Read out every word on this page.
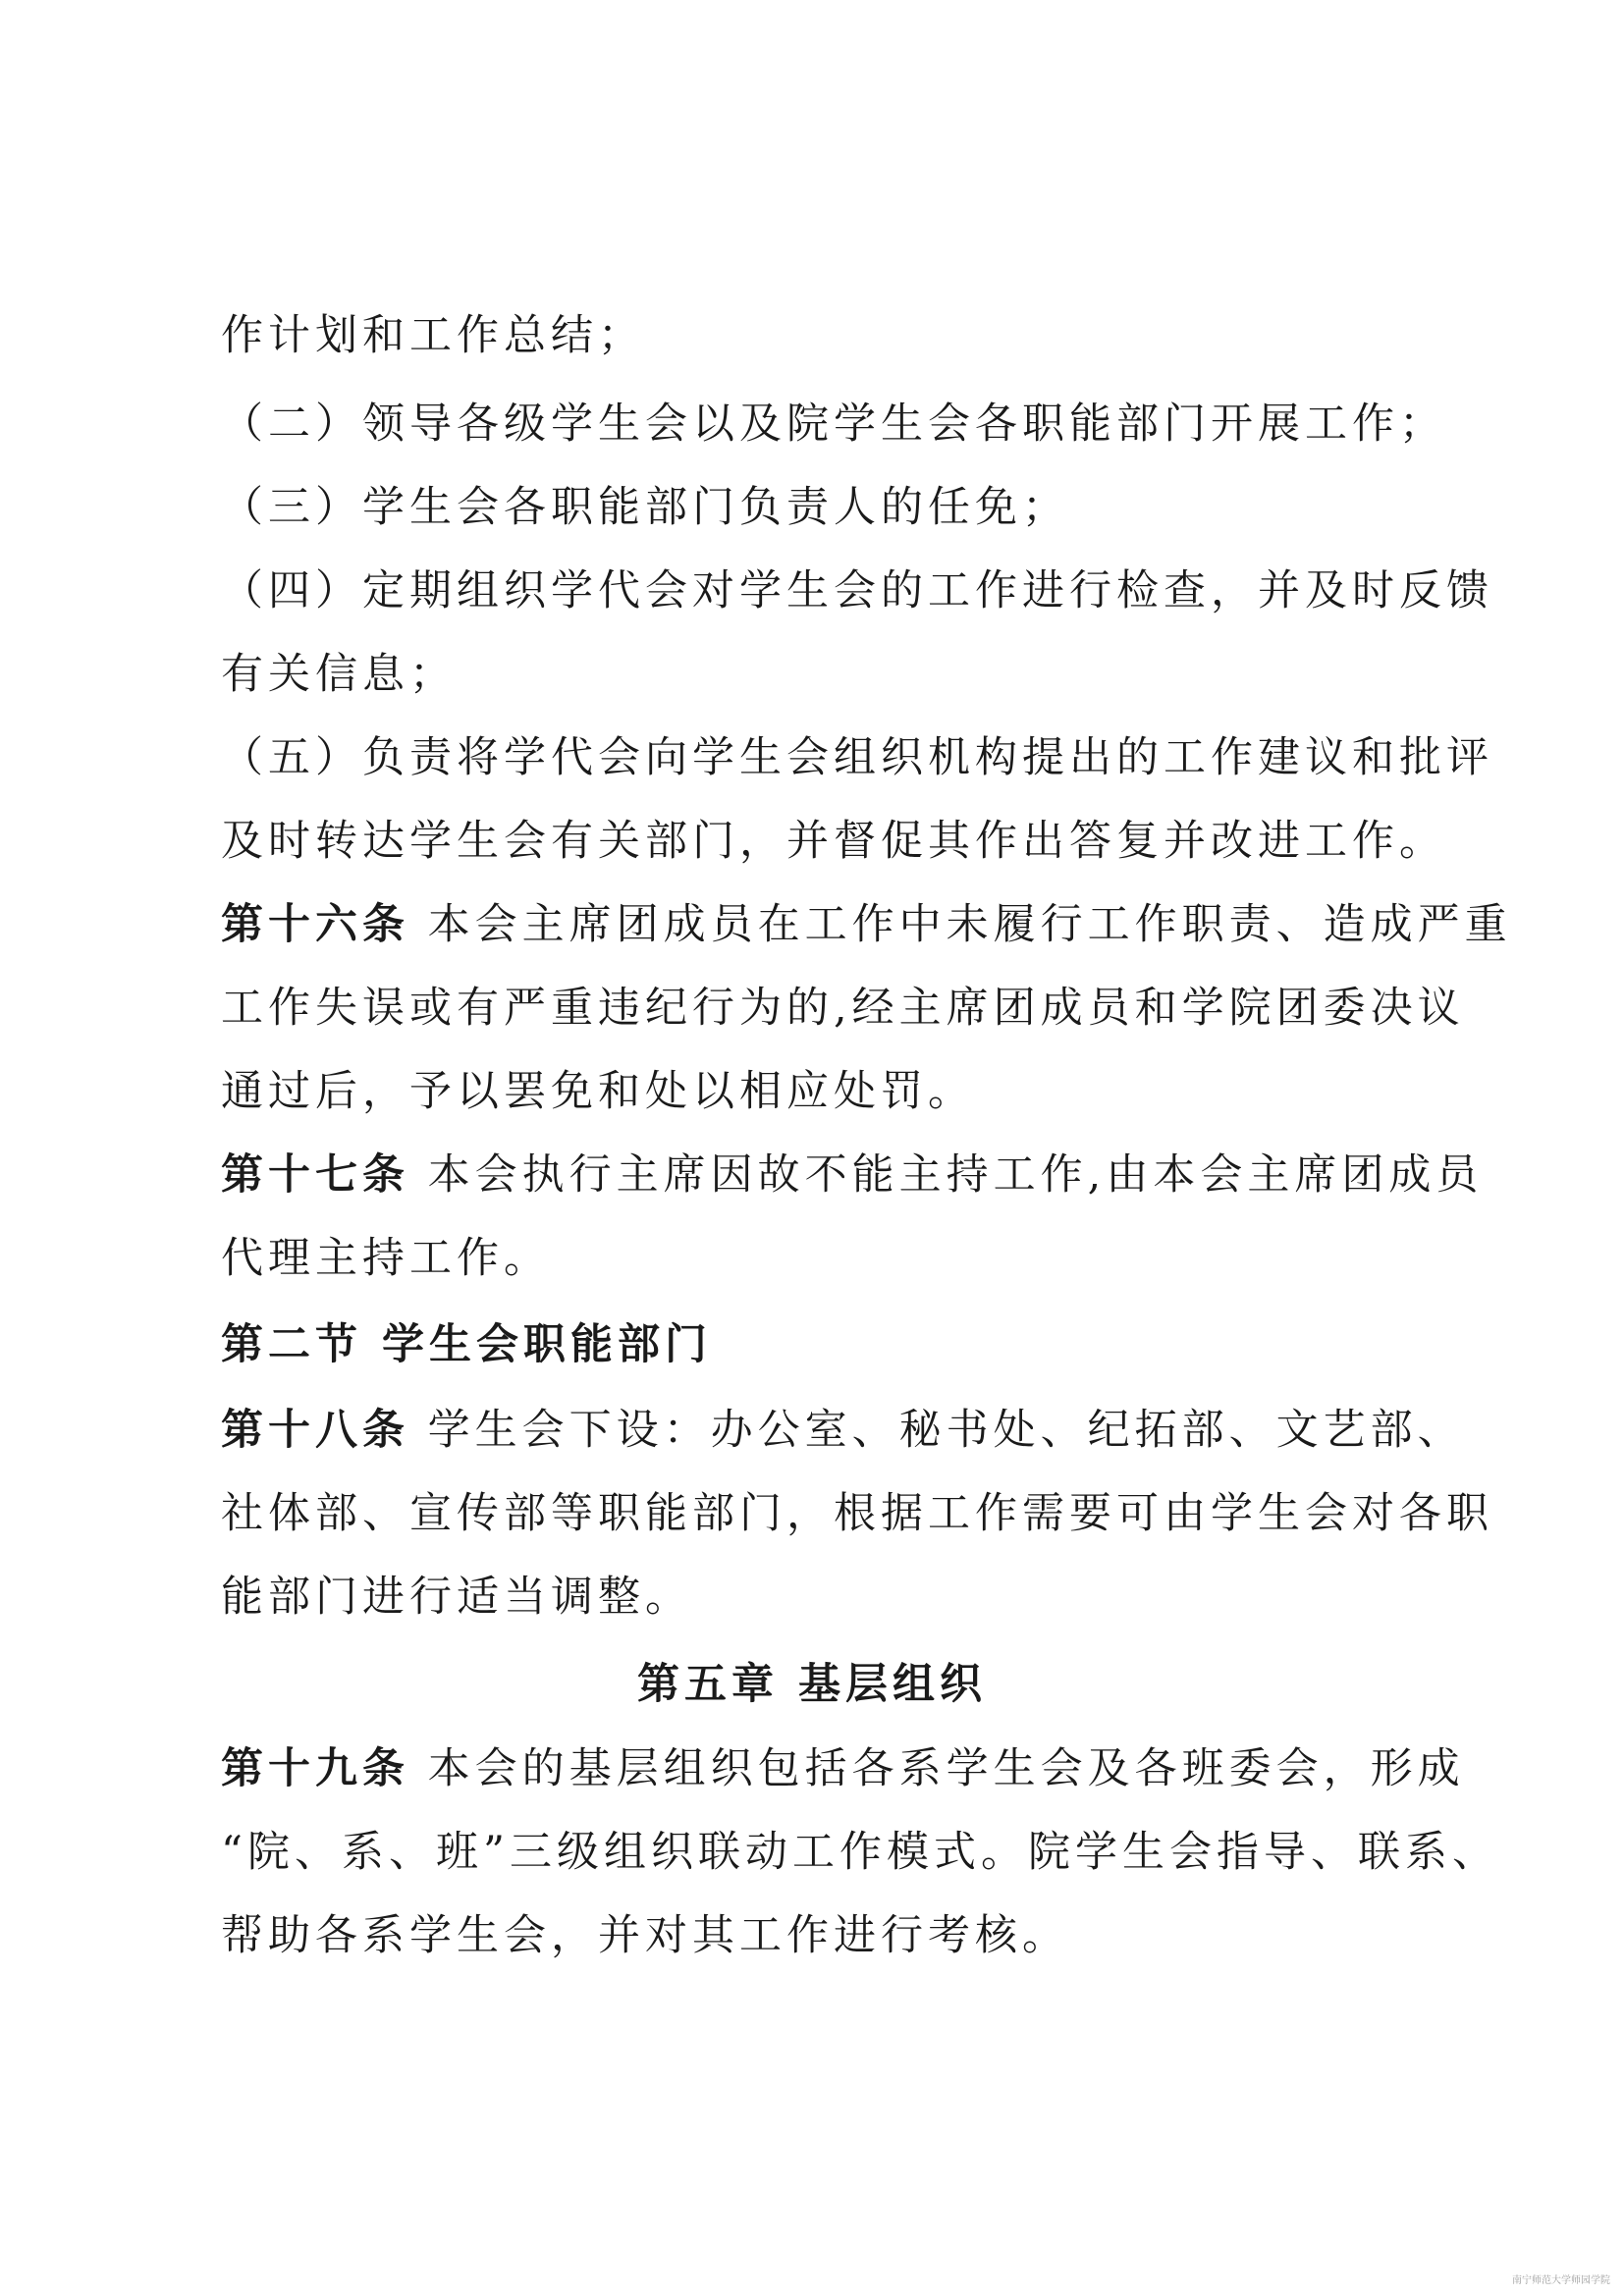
作计划和工作总结；
（二）领导各级学生会以及院学生会各职能部门开展工作；
（三）学生会各职能部门负责人的任免；
（四）定期组织学代会对学生会的工作进行检查，并及时反馈
有关信息；
（五）负责将学代会向学生会组织机构提出的工作建议和批评
及时转达学生会有关部门，并督促其作出答复并改进工作。
第十六条 本会主席团成员在工作中未履行工作职责、造成严重
工作失误或有严重违纪行为的,经主席团成员和学院团委决议
通过后，予以罢免和处以相应处罚。
第十七条 本会执行主席因故不能主持工作,由本会主席团成员
代理主持工作。
第二节 学生会职能部门
第十八条 学生会下设：办公室、秘书处、纪拓部、文艺部、
社体部、宣传部等职能部门，根据工作需要可由学生会对各职
能部门进行适当调整。
第五章 基层组织
第十九条 本会的基层组织包括各系学生会及各班委会，形成
“院、系、班”三级组织联动工作模式。院学生会指导、联系、
帮助各系学生会，并对其工作进行考核。
南宁师范大学师园学院
